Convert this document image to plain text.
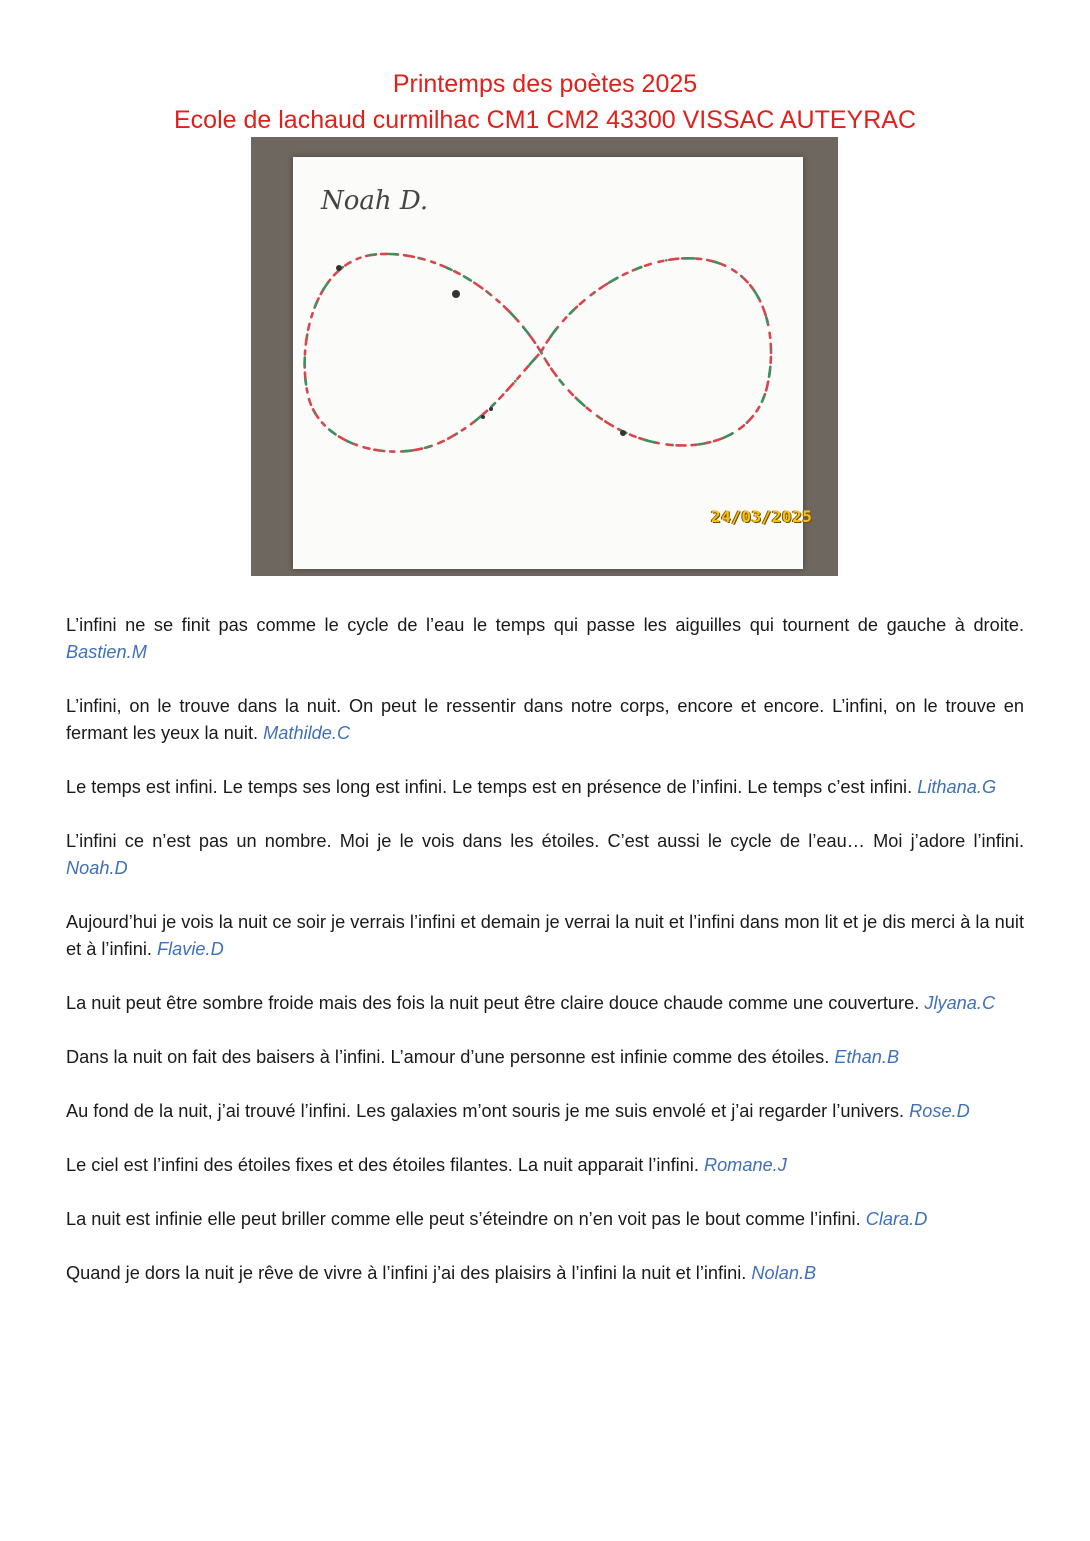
Printemps des poètes 2025
Ecole de lachaud curmilhac CM1 CM2 43300 VISSAC AUTEYRAC
Noah D.
24/03/2025

L’infini ne se finit pas comme le cycle de l’eau le temps qui passe les aiguilles qui tournent de gauche à droite. Bastien.M

L’infini, on le trouve dans la nuit. On peut le ressentir dans notre corps, encore et encore. L’infini, on le trouve en fermant les yeux la nuit. Mathilde.C

Le temps est infini. Le temps ses long est infini. Le temps est en présence de l’infini. Le temps c’est infini. Lithana.G

L’infini ce n’est pas un nombre. Moi je le vois dans les étoiles. C’est aussi le cycle de l’eau… Moi j’adore l’infini. Noah.D

Aujourd’hui je vois la nuit ce soir je verrais l’infini et demain je verrai la nuit et l’infini dans mon lit et je dis merci à la nuit et à l’infini. Flavie.D

La nuit peut être sombre froide mais des fois la nuit peut être claire douce chaude comme une couverture. Jlyana.C

Dans la nuit on fait des baisers à l’infini. L’amour d’une personne est infinie comme des étoiles. Ethan.B

Au fond de la nuit, j’ai trouvé l’infini. Les galaxies m’ont souris je me suis envolé et j’ai regarder l’univers. Rose.D

Le ciel est l’infini des étoiles fixes et des étoiles filantes. La nuit apparait l’infini. Romane.J

La nuit est infinie elle peut briller comme elle peut s’éteindre on n’en voit pas le bout comme l’infini. Clara.D

Quand je dors la nuit je rêve de vivre à l’infini j’ai des plaisirs à l’infini la nuit et l’infini. Nolan.B
